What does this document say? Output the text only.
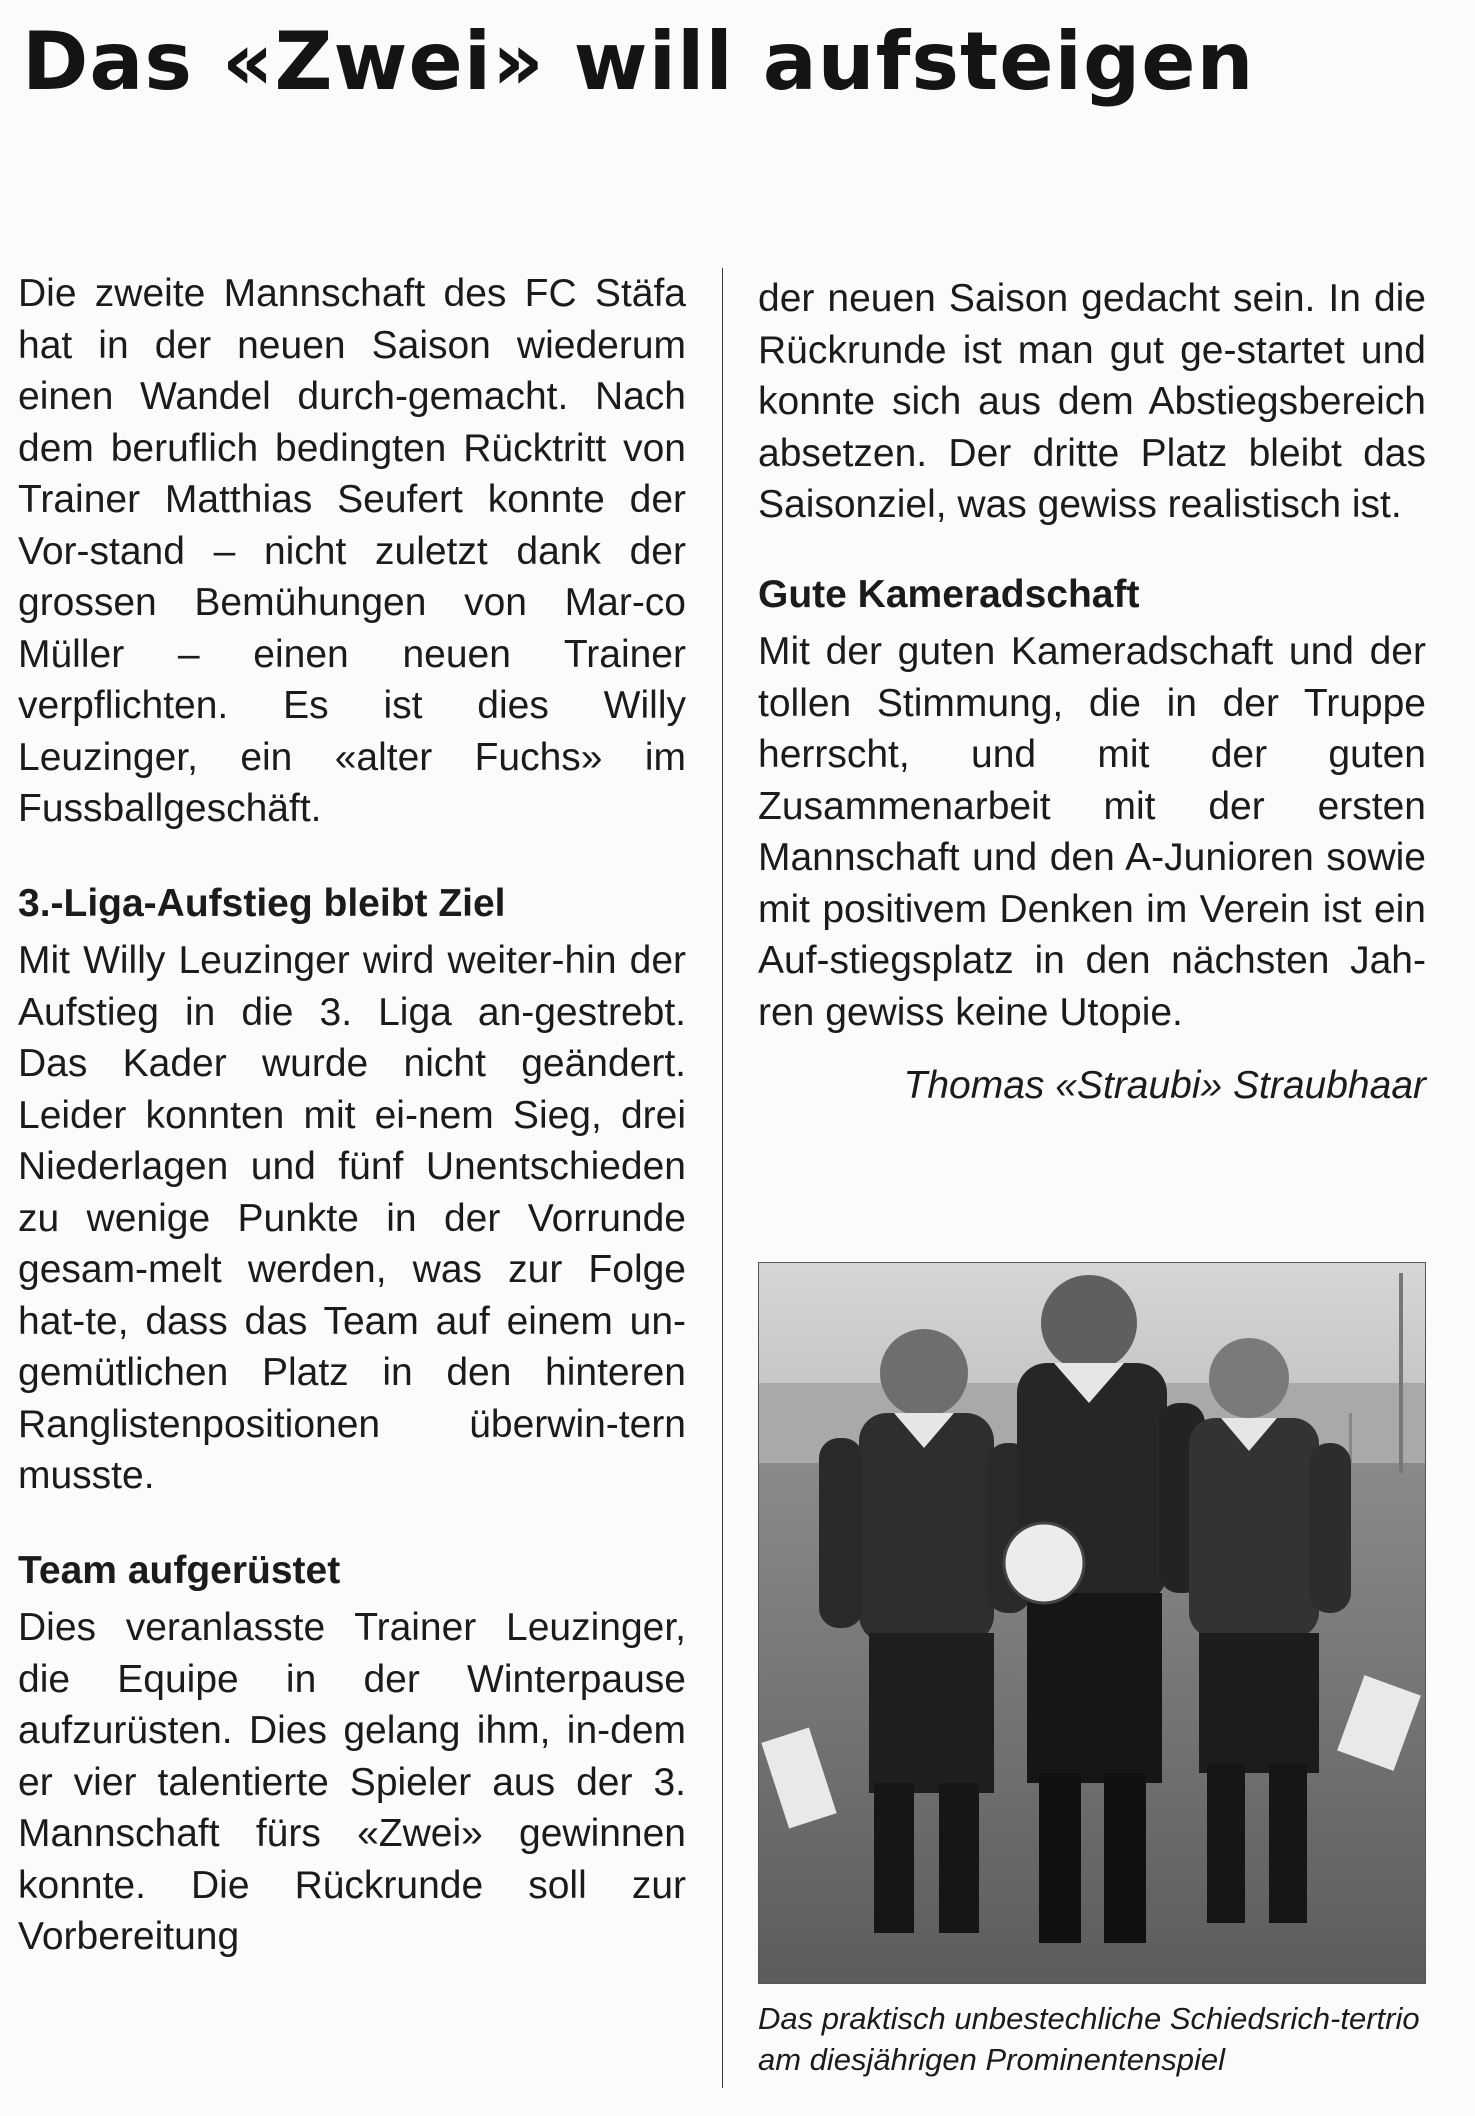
Das «Zwei» will aufsteigen

Die zweite Mannschaft des FC Stäfa hat in der neuen Saison wiederum einen Wandel durch-gemacht. Nach dem beruflich bedingten Rücktritt von Trainer Matthias Seufert konnte der Vor-stand – nicht zuletzt dank der grossen Bemühungen von Mar-co Müller – einen neuen Trainer verpflichten. Es ist dies Willy Leuzinger, ein «alter Fuchs» im Fussballgeschäft.

3.-Liga-Aufstieg bleibt Ziel

Mit Willy Leuzinger wird weiter-hin der Aufstieg in die 3. Liga an-gestrebt. Das Kader wurde nicht geändert. Leider konnten mit ei-nem Sieg, drei Niederlagen und fünf Unentschieden zu wenige Punkte in der Vorrunde gesam-melt werden, was zur Folge hat-te, dass das Team auf einem un-gemütlichen Platz in den hinteren Ranglistenpositionen überwin-tern musste.

Team aufgerüstet

Dies veranlasste Trainer Leuzinger, die Equipe in der Winterpause aufzurüsten. Dies gelang ihm, in-dem er vier talentierte Spieler aus der 3. Mannschaft fürs «Zwei» gewinnen konnte. Die Rückrunde soll zur Vorbereitung

der neuen Saison gedacht sein. In die Rückrunde ist man gut ge-startet und konnte sich aus dem Abstiegsbereich absetzen. Der dritte Platz bleibt das Saisonziel, was gewiss realistisch ist.

Gute Kameradschaft

Mit der guten Kameradschaft und der tollen Stimmung, die in der Truppe herrscht, und mit der guten Zusammenarbeit mit der ersten Mannschaft und den A-Junioren sowie mit positivem Denken im Verein ist ein Auf-stiegsplatz in den nächsten Jah-ren gewiss keine Utopie.

Thomas «Straubi» Straubhaar

Das praktisch unbestechliche Schiedsrich-tertrio am diesjährigen Prominentenspiel
